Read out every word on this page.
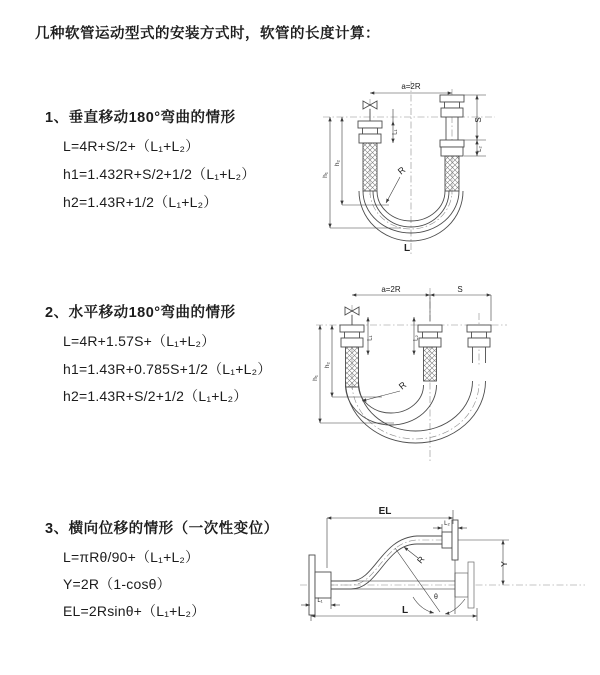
几种软管运动型式的安装方式时，软管的长度计算：
1、垂直移动180°弯曲的情形
L=4R+S/2+（L₁+L₂）
h1=1.432R+S/2+1/2（L₁+L₂）
h2=1.43R+1/2（L₁+L₂）
2、水平移动180°弯曲的情形
L=4R+1.57S+（L₁+L₂）
h1=1.43R+0.785S+1/2（L₁+L₂）
h2=1.43R+S/2+1/2（L₁+L₂）
3、横向位移的情形（一次性变位）
L=πRθ/90+（L₁+L₂）
Y=2R（1-cosθ）
EL=2Rsinθ+（L₁+L₂）
a=2R
S
L₁
L₂
h₁
h₂
R
L
a=2R	S
L₁	L₂
h₁
h₂
R
EL
L₂
Y
R
θ
L
L₁
